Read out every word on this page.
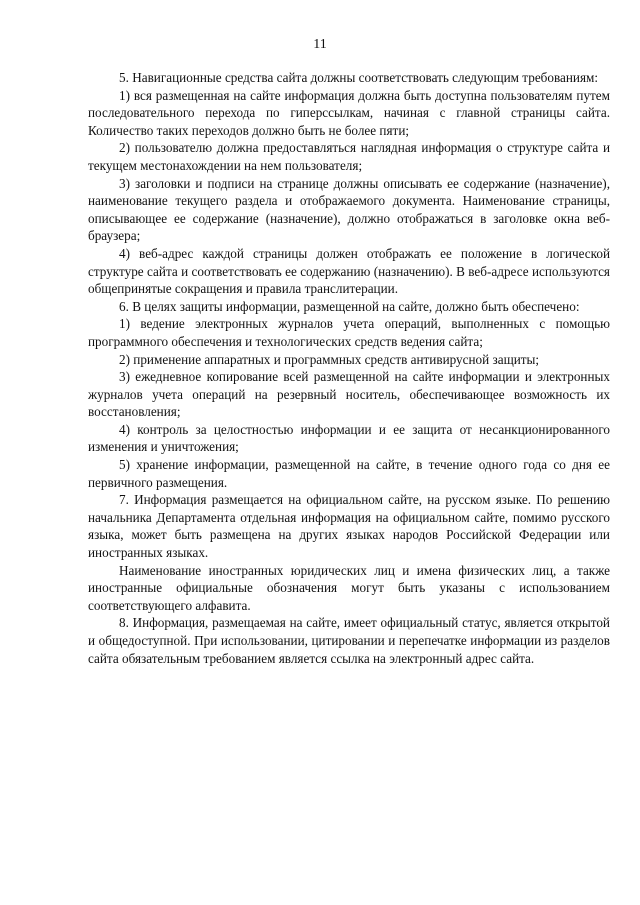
11

5. Навигационные средства сайта должны соответствовать следующим требованиям:

1) вся размещенная на сайте информация должна быть доступна пользователям путем последовательного перехода по гиперссылкам, начиная с главной страницы сайта. Количество таких переходов должно быть не более пяти;

2) пользователю должна предоставляться наглядная информация о структуре сайта и текущем местонахождении на нем пользователя;

3) заголовки и подписи на странице должны описывать ее содержание (назначение), наименование текущего раздела и отображаемого документа. Наименование страницы, описывающее ее содержание (назначение), должно отображаться в заголовке окна веб-браузера;

4) веб-адрес каждой страницы должен отображать ее положение в логической структуре сайта и соответствовать ее содержанию (назначению). В веб-адресе используются общепринятые сокращения и правила транслитерации.

6. В целях защиты информации, размещенной на сайте, должно быть обеспечено:

1) ведение электронных журналов учета операций, выполненных с помощью программного обеспечения и технологических средств ведения сайта;

2) применение аппаратных и программных средств антивирусной защиты;

3) ежедневное копирование всей размещенной на сайте информации и электронных журналов учета операций на резервный носитель, обеспечивающее возможность их восстановления;

4) контроль за целостностью информации и ее защита от несанкционированного изменения и уничтожения;

5) хранение информации, размещенной на сайте, в течение одного года со дня ее первичного размещения.

7. Информация размещается на официальном сайте, на русском языке. По решению начальника Департамента отдельная информация на официальном сайте, помимо русского языка, может быть размещена на других языках народов Российской Федерации или иностранных языках.

Наименование иностранных юридических лиц и имена физических лиц, а также иностранные официальные обозначения могут быть указаны с использованием соответствующего алфавита.

8. Информация, размещаемая на сайте, имеет официальный статус, является открытой и общедоступной. При использовании, цитировании и перепечатке информации из разделов сайта обязательным требованием является ссылка на электронный адрес сайта.
